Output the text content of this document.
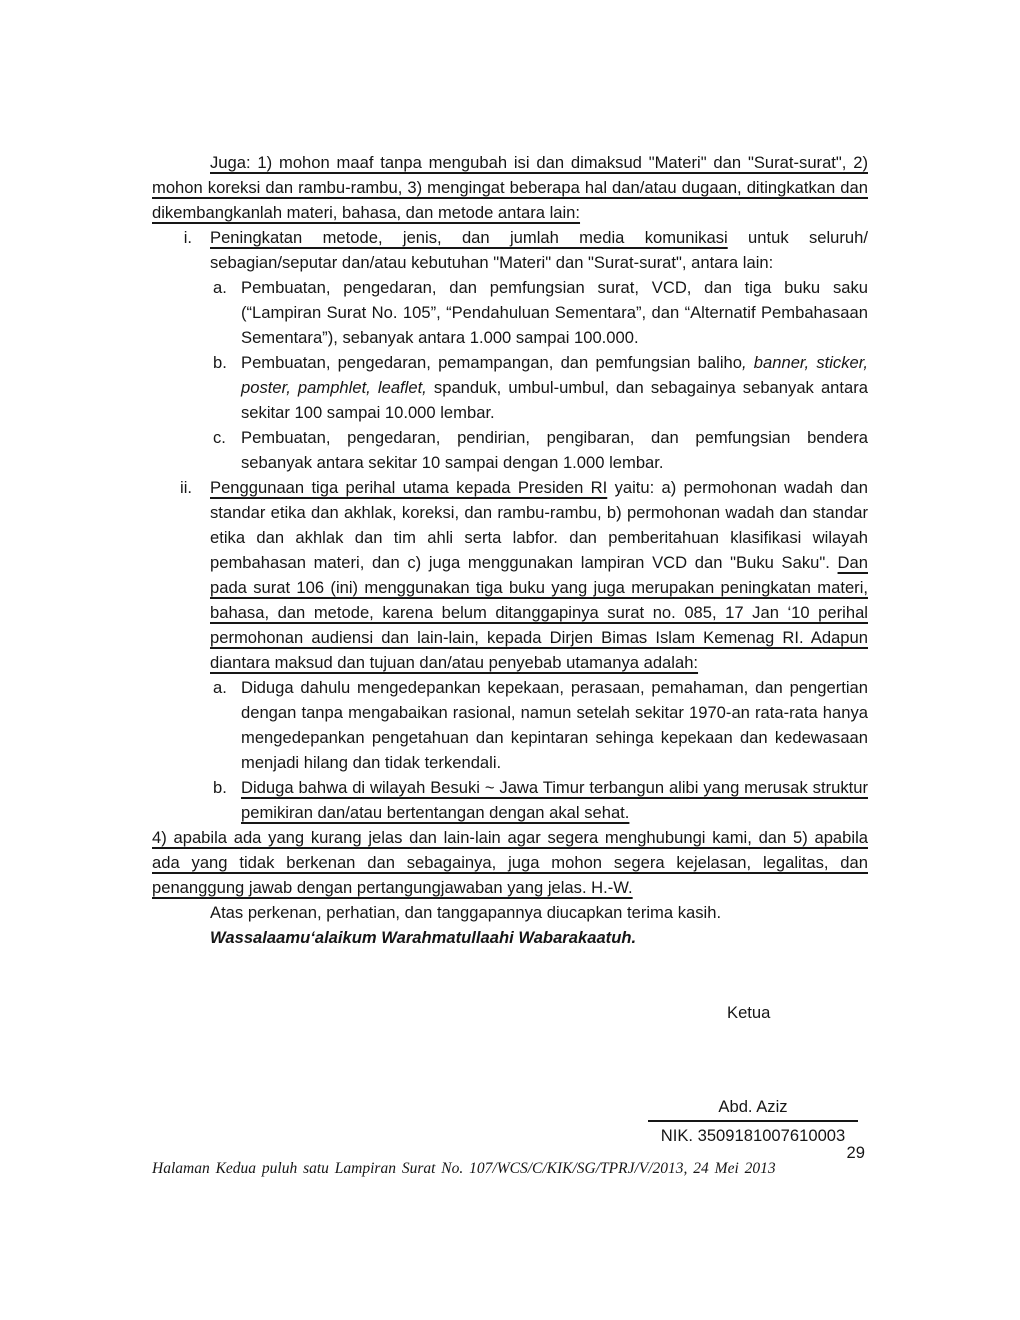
Juga: 1) mohon maaf tanpa mengubah isi dan dimaksud "Materi" dan "Surat-surat", 2) mohon koreksi dan rambu-rambu, 3) mengingat beberapa hal dan/atau dugaan, ditingkatkan dan dikembangkanlah materi, bahasa, dan metode antara lain:

i. Peningkatan metode, jenis, dan jumlah media komunikasi untuk seluruh/ sebagian/seputar dan/atau kebutuhan "Materi" dan "Surat-surat", antara lain:
a. Pembuatan, pengedaran, dan pemfungsian surat, VCD, dan tiga buku saku (“Lampiran Surat No. 105”, “Pendahuluan Sementara”, dan “Alternatif Pembahasaan Sementara”), sebanyak antara 1.000 sampai 100.000.
b. Pembuatan, pengedaran, pemampangan, dan pemfungsian baliho, banner, sticker, poster, pamphlet, leaflet, spanduk, umbul-umbul, dan sebagainya sebanyak antara sekitar 100 sampai 10.000 lembar.
c. Pembuatan, pengedaran, pendirian, pengibaran, dan pemfungsian bendera sebanyak antara sekitar 10 sampai dengan 1.000 lembar.
ii. Penggunaan tiga perihal utama kepada Presiden RI yaitu: a) permohonan wadah dan standar etika dan akhlak, koreksi, dan rambu-rambu, b) permohonan wadah dan standar etika dan akhlak dan tim ahli serta labfor. dan pemberitahuan klasifikasi wilayah pembahasan materi, dan c) juga menggunakan lampiran VCD dan "Buku Saku". Dan pada surat 106 (ini) menggunakan tiga buku yang juga merupakan peningkatan materi, bahasa, dan metode, karena belum ditanggapinya surat no. 085, 17 Jan ‘10 perihal permohonan audiensi dan lain-lain, kepada Dirjen Bimas Islam Kemenag RI. Adapun diantara maksud dan tujuan dan/atau penyebab utamanya adalah:
a. Diduga dahulu mengedepankan kepekaan, perasaan, pemahaman, dan pengertian dengan tanpa mengabaikan rasional, namun setelah sekitar 1970-an rata-rata hanya mengedepankan pengetahuan dan kepintaran sehinga kepekaan dan kedewasaan menjadi hilang dan tidak terkendali.
b. Diduga bahwa di wilayah Besuki ~ Jawa Timur terbangun alibi yang merusak struktur pemikiran dan/atau bertentangan dengan akal sehat.

4) apabila ada yang kurang jelas dan lain-lain agar segera menghubungi kami, dan 5) apabila ada yang tidak berkenan dan sebagainya, juga mohon segera kejelasan, legalitas, dan penanggung jawab dengan pertangungjawaban yang jelas. H.-W.

Atas perkenan, perhatian, dan tanggapannya diucapkan terima kasih.

Wassalaamu‘alaikum Warahmatullaahi Wabarakaatuh.

Ketua
Abd. Aziz
NIK. 3509181007610003
29
Halaman Kedua puluh satu Lampiran Surat No. 107/WCS/C/KIK/SG/TPRJ/V/2013, 24 Mei 2013
